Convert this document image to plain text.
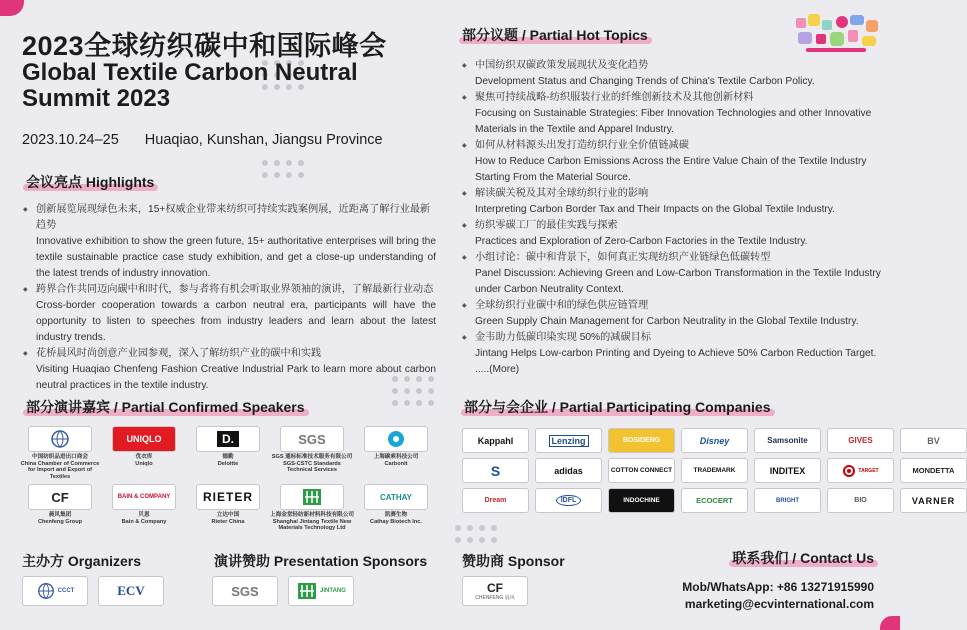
2023全球纺织碳中和国际峰会
Global Textile Carbon Neutral Summit 2023
2023.10.24–25 Huaqiao, Kunshan, Jiangsu Province
会议亮点 Highlights
◆ 创新展览展现绿色未来，15+权威企业带来纺织可持续实践案例展，近距离了解行业最新趋势
Innovative exhibition to show the green future, 15+ authoritative enterprises will bring the textile sustainable practice case study exhibition, and get a close-up understanding of the latest trends of industry innovation.
◆ 跨界合作共同迈向碳中和时代，参与者将有机会听取业界领袖的演讲，了解最新行业动态
Cross-border cooperation towards a carbon neutral era, participants will have the opportunity to listen to speeches from industry leaders and learn about the latest industry trends.
◆ 花桥晨风时尚创意产业园参观，深入了解纺织产业的碳中和实践
Visiting Huaqiao Chenfeng Fashion Creative Industrial Park to learn more about carbon neutral practices in the textile industry.
部分议题 / Partial Hot Topics
◆ 中国纺织双碳政策发展现状及变化趋势
Development Status and Changing Trends of China's Textile Carbon Policy.
◆ 聚焦可持续战略-纺织服装行业的纤维创新技术及其他创新材料
Focusing on Sustainable Strategies: Fiber Innovation Technologies and other Innovative Materials in the Textile and Apparel Industry.
◆ 如何从材料源头出发打造纺织行业全价值链减碳
How to Reduce Carbon Emissions Across the Entire Value Chain of the Textile Industry Starting From the Material Source.
◆ 解读碳关税及其对全球纺织行业的影响
Interpreting Carbon Border Tax and Their Impacts on the Global Textile Industry.
◆ 纺织零碳工厂的最佳实践与探索
Practices and Exploration of Zero-Carbon Factories in the Textile Industry.
◆ 小组讨论：碳中和背景下，如何真正实现纺织产业链绿色低碳转型
Panel Discussion: Achieving Green and Low-Carbon Transformation in the Textile Industry under Carbon Neutrality Context.
◆ 全球纺织行业碳中和的绿色供应链管理
Green Supply Chain Management for Carbon Neutrality in the Global Textile Industry.
◆ 金韦助力低碳印染实现 50%的减碳目标
Jintang Helps Low-carbon Printing and Dyeing to Achieve 50% Carbon Reduction Target.
.....(More)
部分演讲嘉宾 / Partial Confirmed Speakers
中国纺织品进出口商会
China Chamber of Commerce for Import and Export of Textiles
UNIQLO
优衣库
Uniqlo
D.
德勤
Deloitte
SGS
SGS 通标标准技术服务有限公司
SGS-CSTC Standards Technical Services
上海碳索科技公司
Carbonit
CF
晨风集团
Chenfeng Group
BAIN & COMPANY
贝恩
Bain & Company
RIETER
立达中国
Rieter China
上海金堂轻纺新材料科技有限公司
Shanghai Jintang Textile New Materials Technology Ltd
CATHAY
凯赛生物
Cathay Biotech Inc.
部分与会企业 / Partial Participating Companies
Kappahl	Lenzing	BOSIDENG	Disney	Samsonite	GIVES	BV
S	adidas	COTTON CONNECT	TRADEMARK	INDITEX	TARGET	MONDETTA
Dream	IDFL	INDOCHINE	ECOCERT	BRIGHT	BIO	VARNER
主办方 Organizers
CCCT	ECV
演讲赞助 Presentation Sponsors
SGS	JINTANG
赞助商 Sponsor
CF
CHENFENG 晨风
联系我们 / Contact Us
Mob/WhatsApp: +86 13271915990
marketing@ecvinternational.com
